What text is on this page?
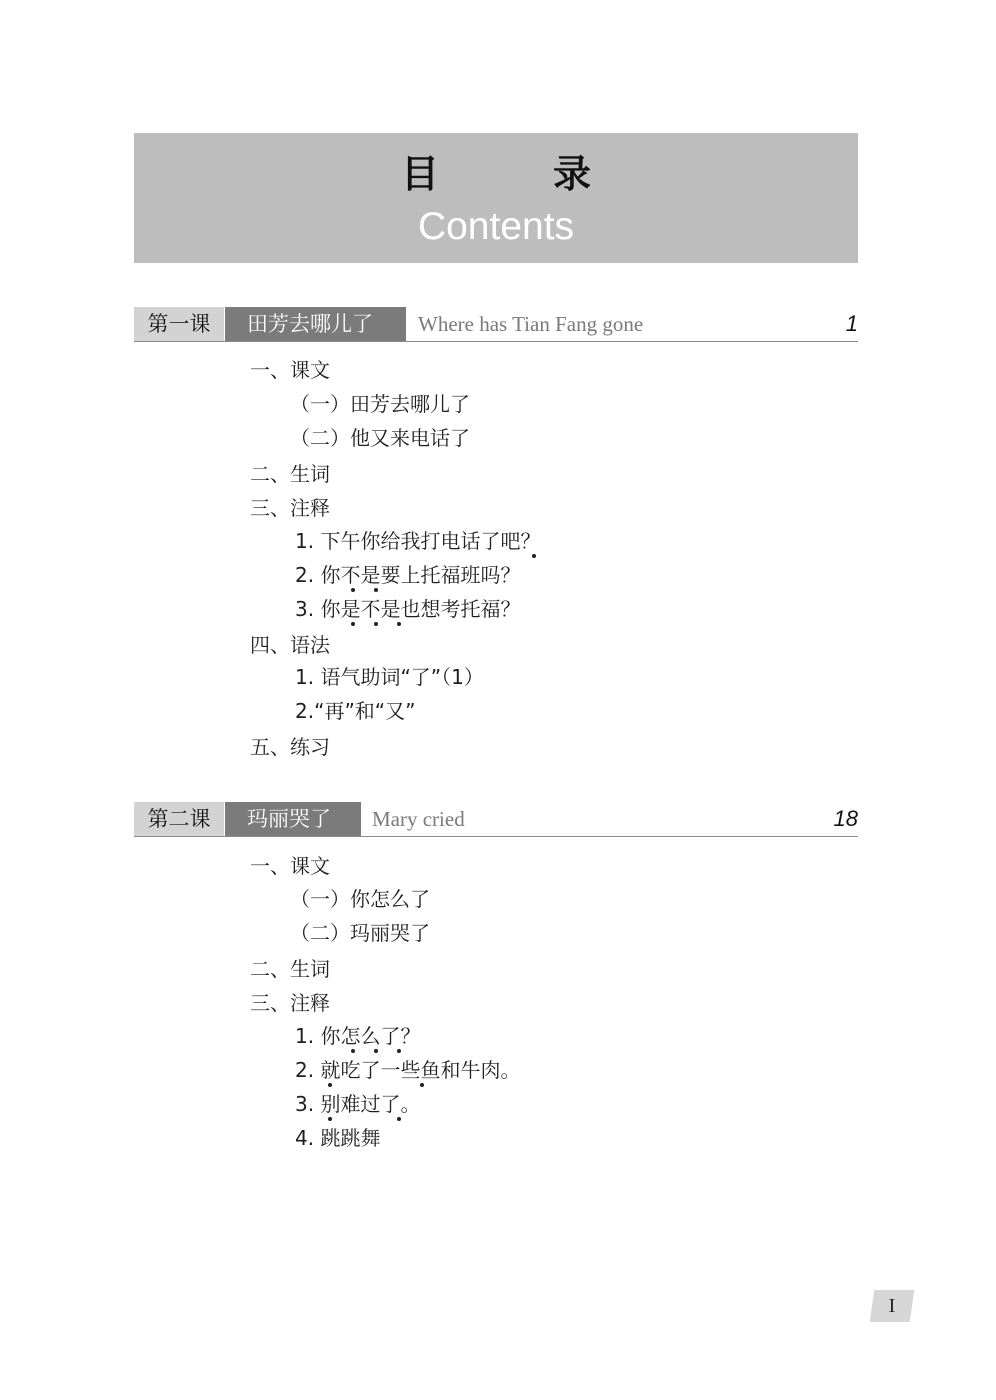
目　录
Contents
第一课	田芳去哪儿了	Where has Tian Fang gone	1
一、课文
（一）田芳去哪儿了
（二）他又来电话了
二、生词
三、注释
1. 下午你给我打电话了吧？
2. 你不是要上托福班吗？
3. 你是不是也想考托福？
四、语法
1. 语气助词“了”（1）
2.“再”和“又”
五、练习
第二课	玛丽哭了	Mary cried	18
一、课文
（一）你怎么了
（二）玛丽哭了
二、生词
三、注释
1. 你怎么了？
2. 就吃了一些鱼和牛肉。
3. 别难过了。
4. 跳跳舞
I
